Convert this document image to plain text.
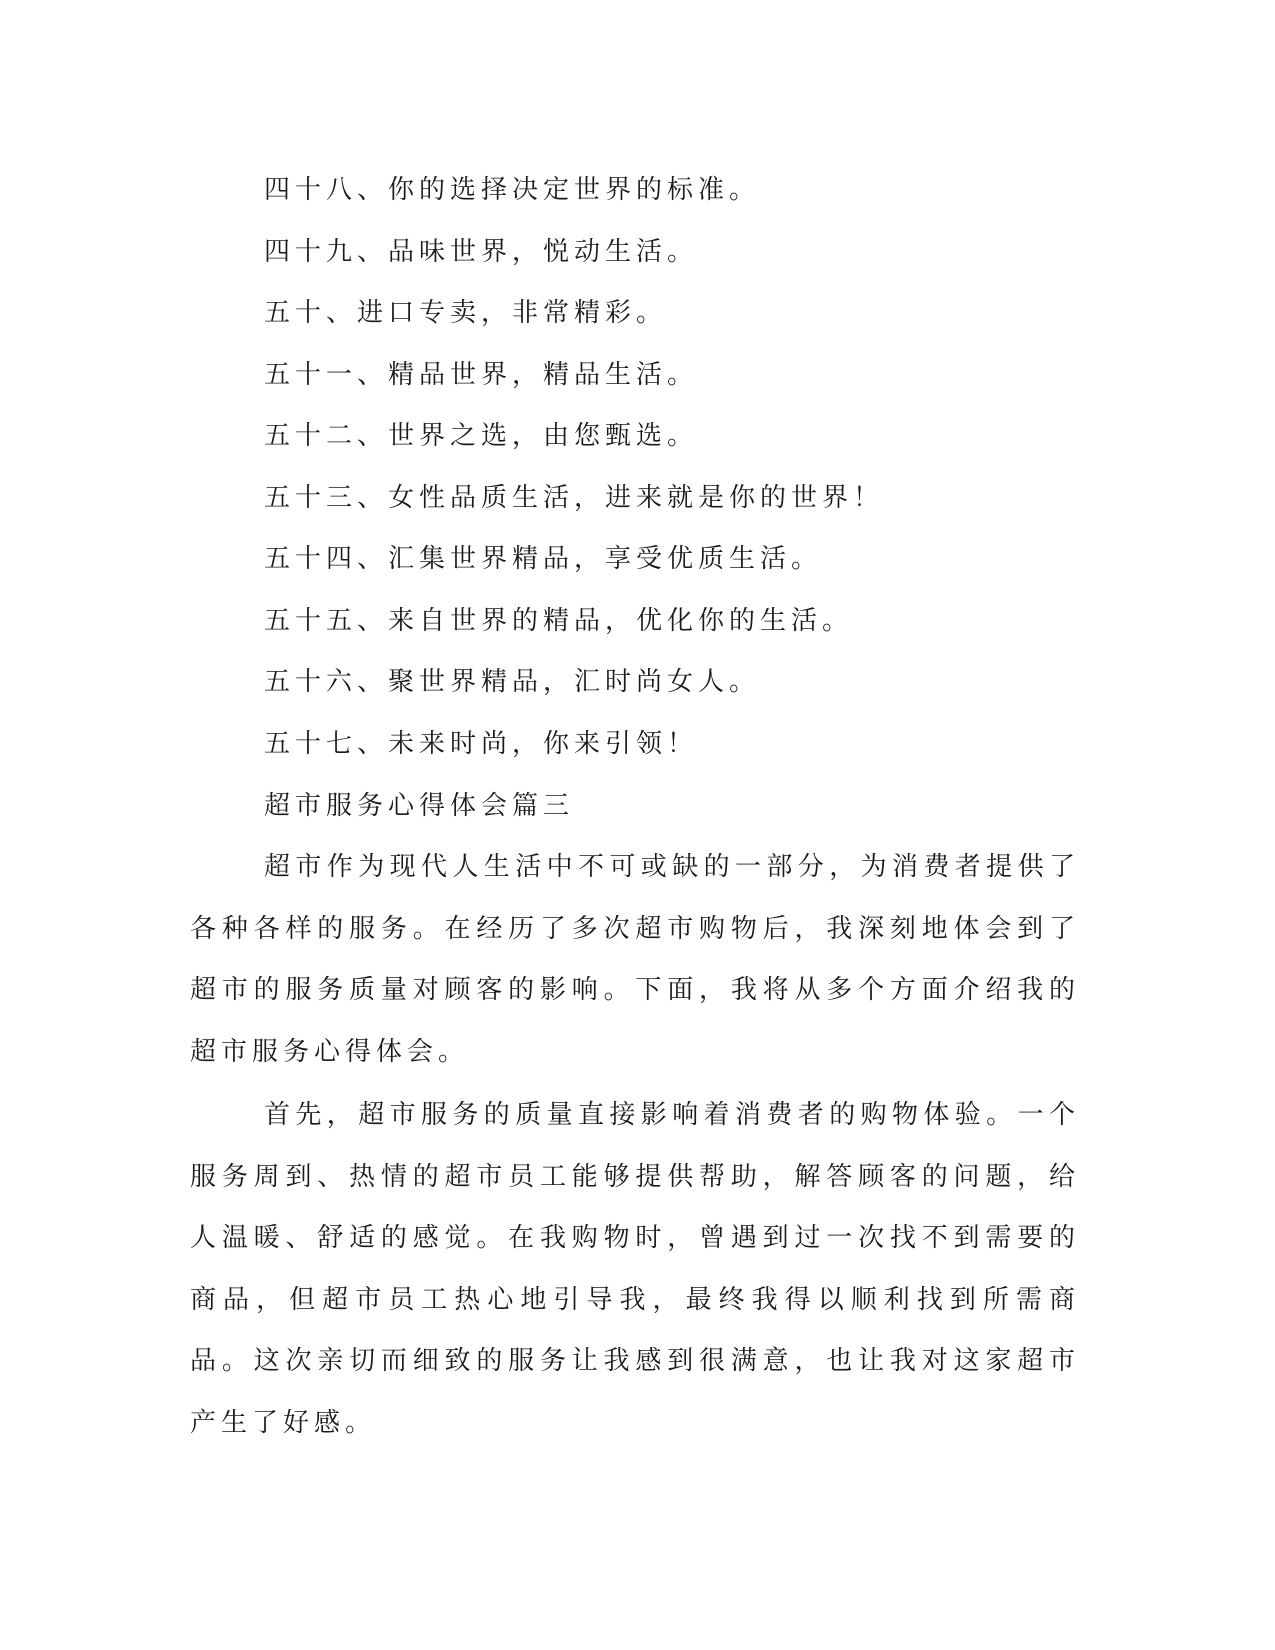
四十八、你的选择决定世界的标准。
四十九、品味世界，悦动生活。
五十、进口专卖，非常精彩。
五十一、精品世界，精品生活。
五十二、世界之选，由您甄选。
五十三、女性品质生活，进来就是你的世界！
五十四、汇集世界精品，享受优质生活。
五十五、来自世界的精品，优化你的生活。
五十六、聚世界精品，汇时尚女人。
五十七、未来时尚，你来引领！
超市服务心得体会篇三

超市作为现代人生活中不可或缺的一部分，为消费者提供了各种各样的服务。在经历了多次超市购物后，我深刻地体会到了超市的服务质量对顾客的影响。下面，我将从多个方面介绍我的超市服务心得体会。

首先，超市服务的质量直接影响着消费者的购物体验。一个服务周到、热情的超市员工能够提供帮助，解答顾客的问题，给人温暖、舒适的感觉。在我购物时，曾遇到过一次找不到需要的商品，但超市员工热心地引导我，最终我得以顺利找到所需商品。这次亲切而细致的服务让我感到很满意，也让我对这家超市产生了好感。
